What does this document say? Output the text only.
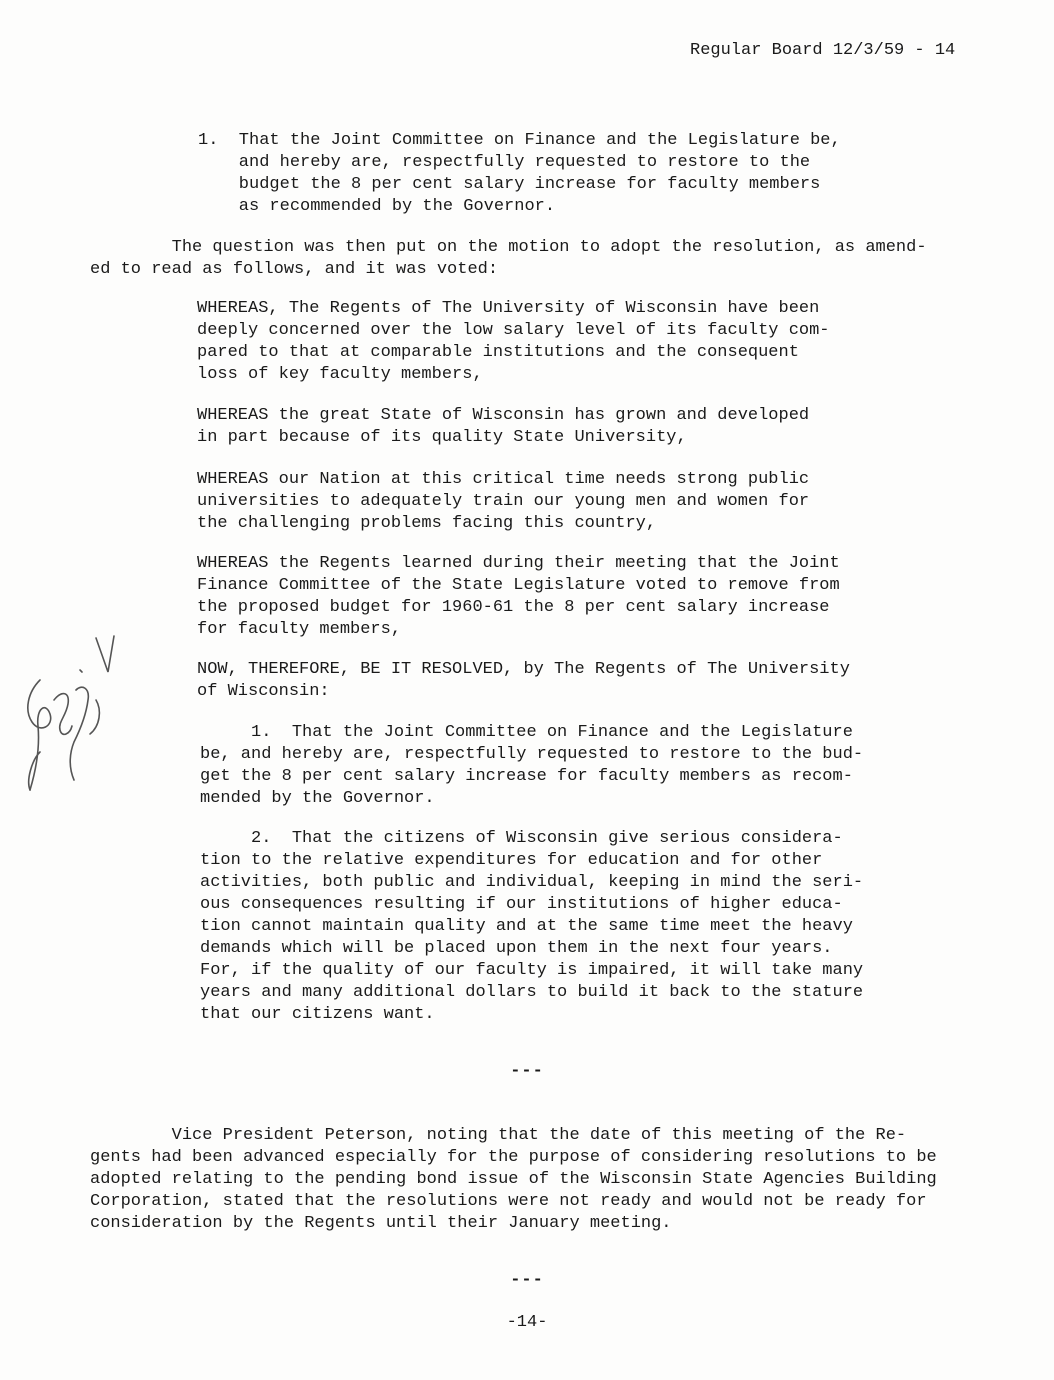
Regular Board 12/3/59 - 14

1.  That the Joint Committee on Finance and the Legislature be,

and hereby are, respectfully requested to restore to the

budget the 8 per cent salary increase for faculty members

as recommended by the Governor.

The question was then put on the motion to adopt the resolution, as amend-

ed to read as follows, and it was voted:

WHEREAS, The Regents of The University of Wisconsin have been

deeply concerned over the low salary level of its faculty com-

pared to that at comparable institutions and the consequent

loss of key faculty members,

WHEREAS the great State of Wisconsin has grown and developed

in part because of its quality State University,

WHEREAS our Nation at this critical time needs strong public

universities to adequately train our young men and women for

the challenging problems facing this country,

WHEREAS the Regents learned during their meeting that the Joint

Finance Committee of the State Legislature voted to remove from

the proposed budget for 1960-61 the 8 per cent salary increase

for faculty members,

NOW, THEREFORE, BE IT RESOLVED, by The Regents of The University

of Wisconsin:

1.  That the Joint Committee on Finance and the Legislature

be, and hereby are, respectfully requested to restore to the bud-

get the 8 per cent salary increase for faculty members as recom-

mended by the Governor.

2.  That the citizens of Wisconsin give serious considera-

tion to the relative expenditures for education and for other

activities, both public and individual, keeping in mind the seri-

ous consequences resulting if our institutions of higher educa-

tion cannot maintain quality and at the same time meet the heavy

demands which will be placed upon them in the next four years.

For, if the quality of our faculty is impaired, it will take many

years and many additional dollars to build it back to the stature

that our citizens want.

---

Vice President Peterson, noting that the date of this meeting of the Re-

gents had been advanced especially for the purpose of considering resolutions to be

adopted relating to the pending bond issue of the Wisconsin State Agencies Building

Corporation, stated that the resolutions were not ready and would not be ready for

consideration by the Regents until their January meeting.

---
-14-
